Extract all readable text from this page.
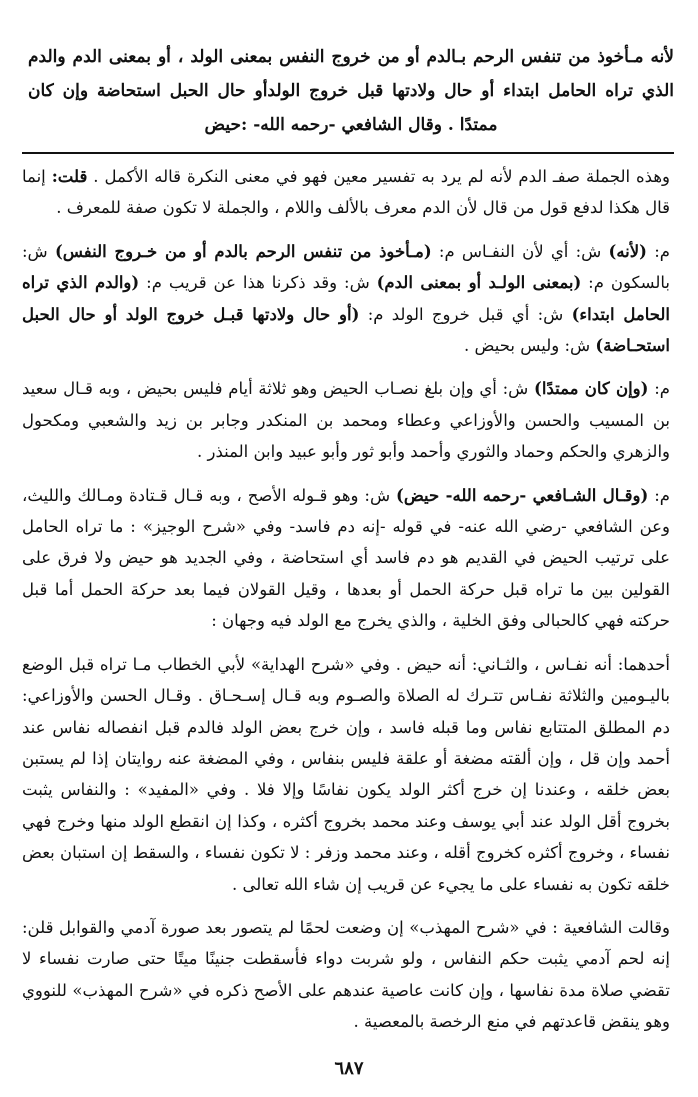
لأنه مـأخوذ من تنفس الرحم بـالدم أو من خروج النفس بمعنى الولد ، أو بمعنى الدم والدم الذي تراه الحامل ابتداء أو حال ولادتها قبل خروج الولدأو حال الحبل استحاضة وإن كان ممتدًا . وقال الشافعي -رحمه الله- :حيض

وهذه الجملة صفـ الدم لأنه لم يرد به تفسير معين فهو في معنى النكرة قاله الأكمل . قلت: إنما قال هكذا لدفع قول من قال لأن الدم معرف بالألف واللام ، والجملة لا تكون صفة للمعرف .

م: (لأنه) ش: أي لأن النفـاس م: (مـأخوذ من تنفس الرحم بالدم أو من خـروج النفس) ش: بالسكون م: (بمعنى الولـد أو بمعنى الدم) ش: وقد ذكرنا هذا عن قريب م: (والدم الذي تراه الحامل ابتداء) ش: أي قبل خروج الولد م: (أو حال ولادتها قبـل خروج الولد أو حال الحبل استحـاضة) ش: وليس بحيض .

م: (وإن كان ممتدًا) ش: أي وإن بلغ نصـاب الحيض وهو ثلاثة أيام فليس بحيض ، وبه قـال سعيد بن المسيب والحسن والأوزاعي وعطاء ومحمد بن المنكدر وجابر بن زيد والشعبي ومكحول والزهري والحكم وحماد والثوري وأحمد وأبو ثور وأبو عبيد وابن المنذر .

م: (وقـال الشـافعي -رحمه الله- حيض) ش: وهو قـوله الأصح ، وبه قـال قـتادة ومـالك والليث، وعن الشافعي -رضي الله عنه- في قوله -إنه دم فاسد- وفي «شرح الوجيز» : ما تراه الحامل على ترتيب الحيض في القديم هو دم فاسد أي استحاضة ، وفي الجديد هو حيض ولا فرق على القولين بين ما تراه قبل حركة الحمل أو بعدها ، وقيل القولان فيما بعد حركة الحمل أما قبل حركته فهي كالحبالى وفق الخلية ، والذي يخرج مع الولد فيه وجهان :

أحدهما: أنه نفـاس ، والثـاني: أنه حيض . وفي «شرح الهداية» لأبي الخطاب مـا تراه قبل الوضع باليـومين والثلاثة نفـاس تتـرك له الصلاة والصـوم وبه قـال إسـحـاق . وقـال الحسن والأوزاعي: دم المطلق المتتابع نفاس وما قبله فاسد ، وإن خرج بعض الولد فالدم قبل انفصاله نفاس عند أحمد وإن قل ، وإن ألقته مضغة أو علقة فليس بنفاس ، وفي المضغة عنه روايتان إذا لم يستبن بعض خلقه ، وعندنا إن خرج أكثر الولد يكون نفاسًا وإلا فلا . وفي «المفيد» : والنفاس يثبت بخروج أقل الولد عند أبي يوسف وعند محمد بخروج أكثره ، وكذا إن انقطع الولد منها وخرج فهي نفساء ، وخروج أكثره كخروج أقله ، وعند محمد وزفر : لا تكون نفساء ، والسقط إن استبان بعض خلقه تكون به نفساء على ما يجيء عن قريب إن شاء الله تعالى .

وقالت الشافعية : في «شرح المهذب» إن وضعت لحمًا لم يتصور بعد صورة آدمي والقوابل قلن: إنه لحم آدمي يثبت حكم النفاس ، ولو شربت دواء فأسقطت جنينًا ميتًا حتى صارت نفساء لا تقضي صلاة مدة نفاسها ، وإن كانت عاصية عندهم على الأصح ذكره في «شرح المهذب» للنووي وهو ينقض قاعدتهم في منع الرخصة بالمعصية .

٦٨٧
